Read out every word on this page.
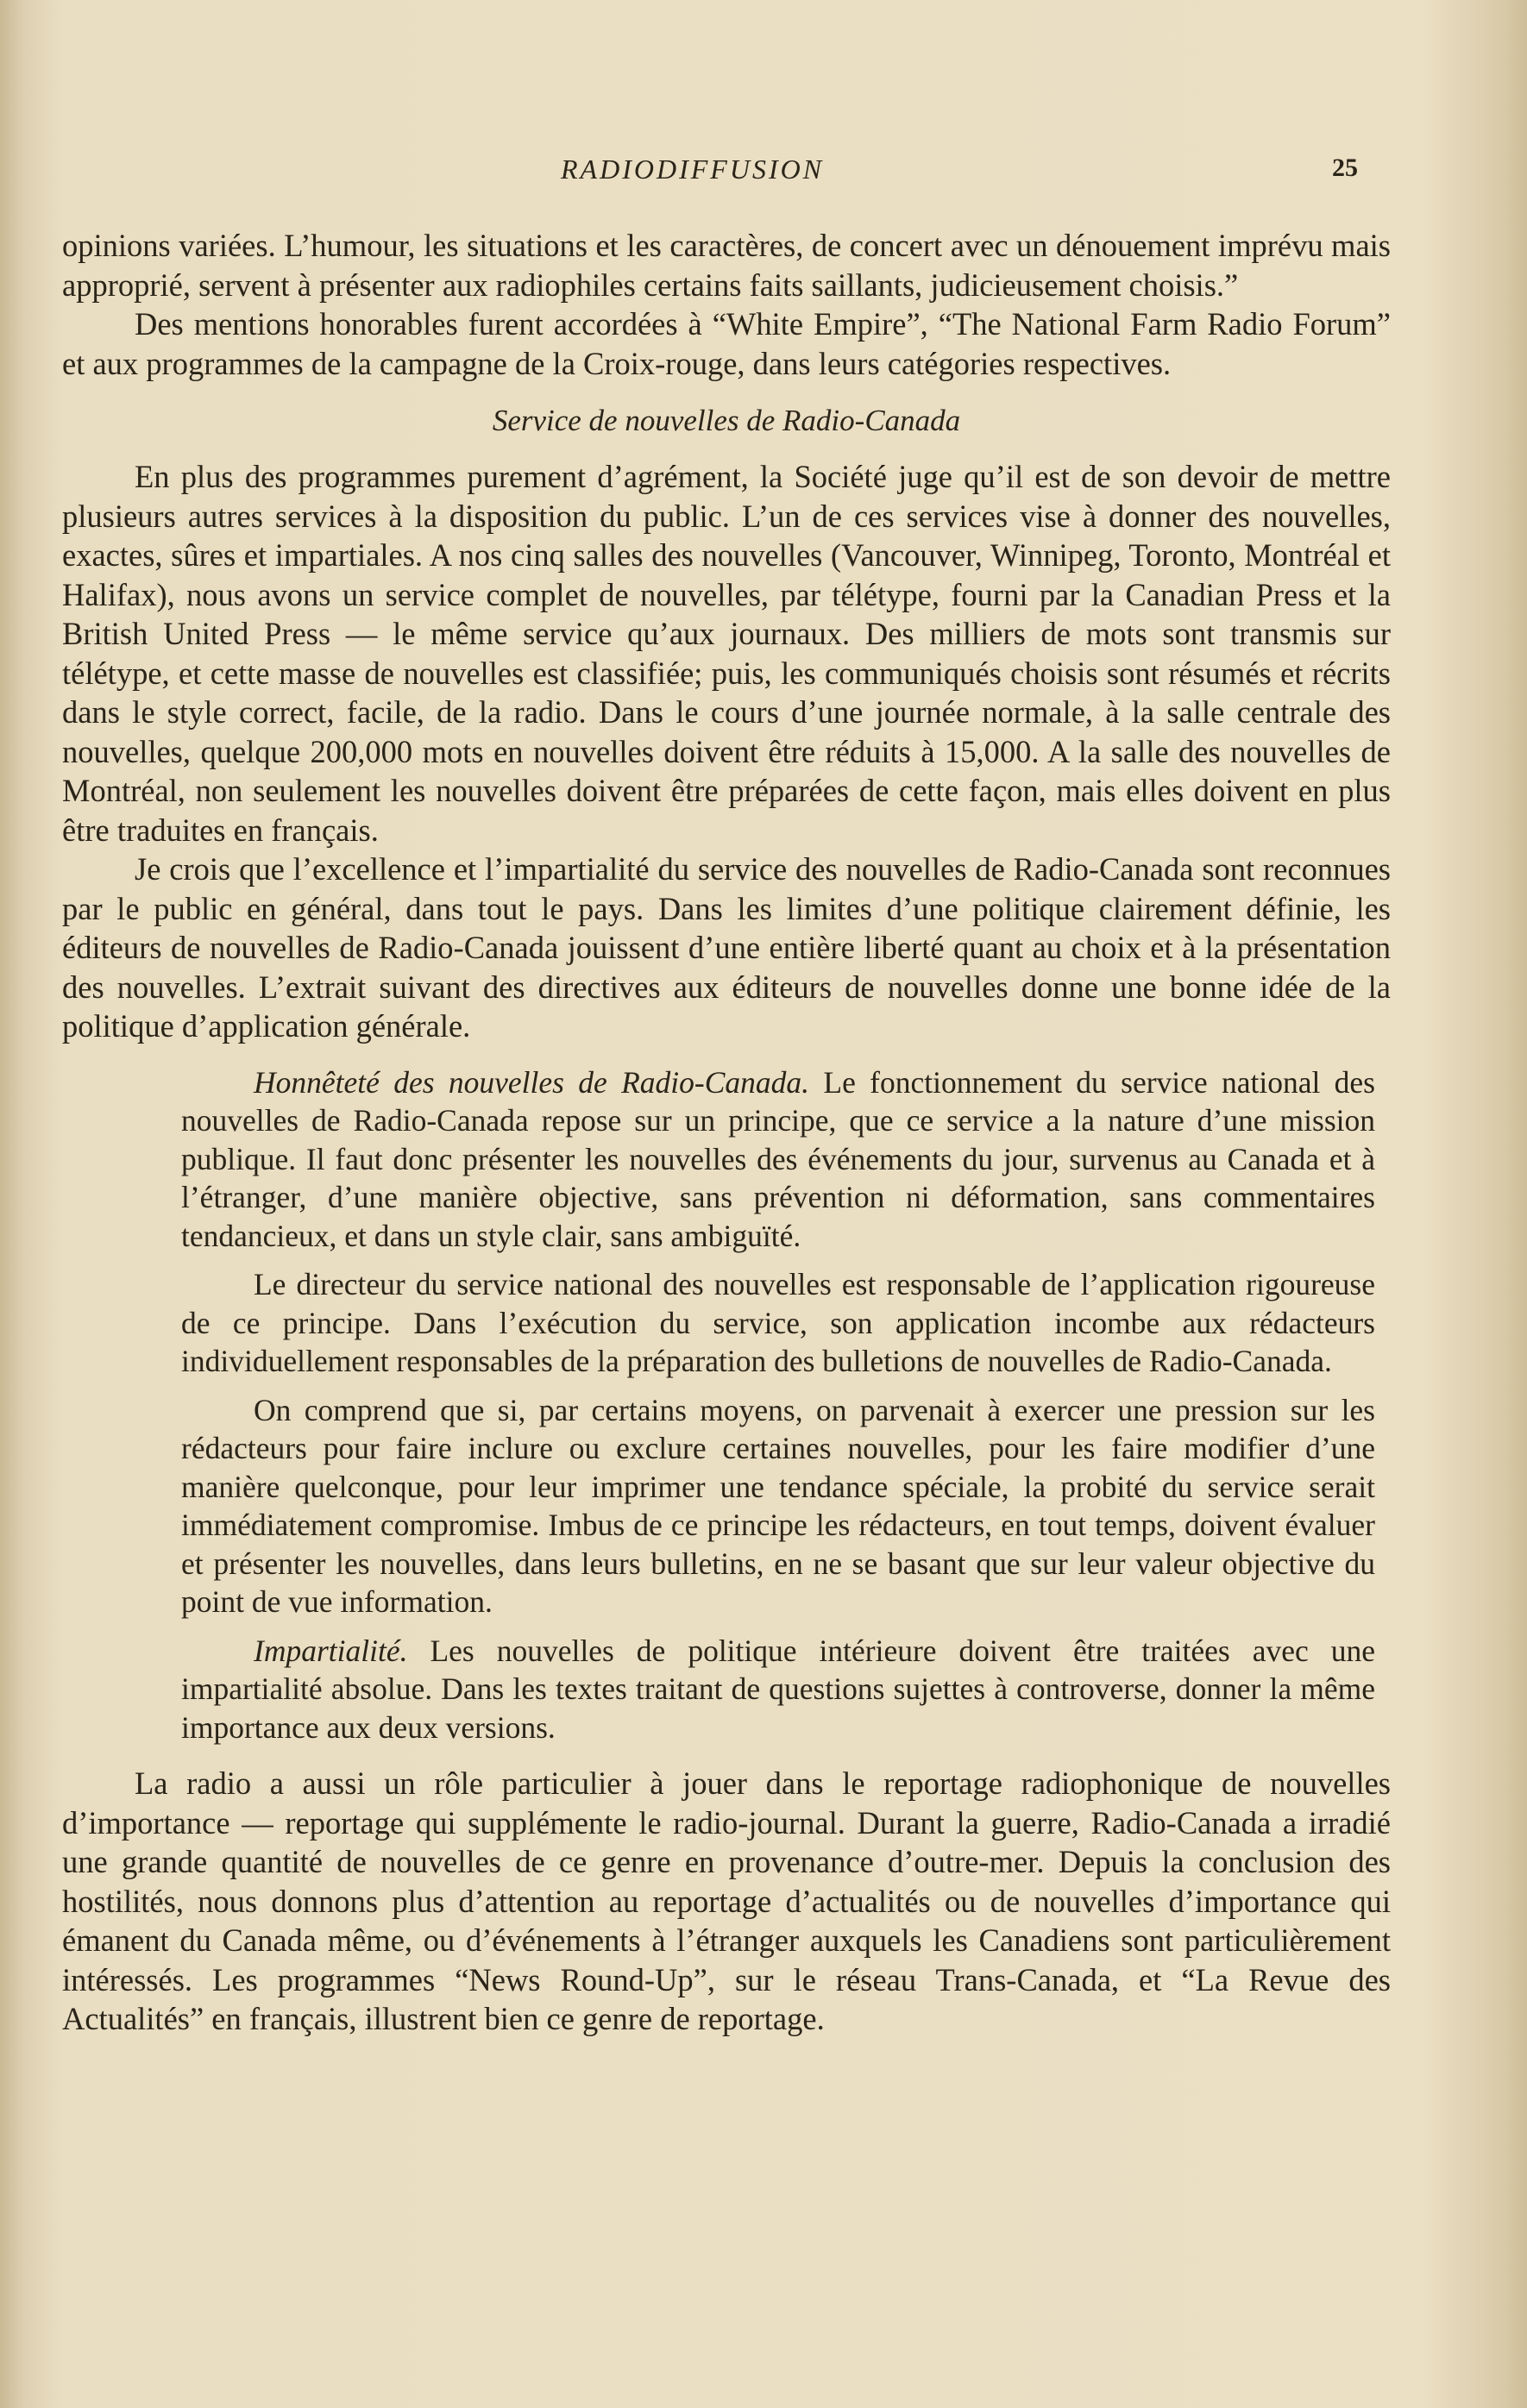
RADIODIFFUSION	25

opinions variées. L’humour, les situations et les caractères, de concert avec un dénouement imprévu mais approprié, servent à présenter aux radiophiles certains faits saillants, judicieusement choisis.”

Des mentions honorables furent accordées à “White Empire”, “The National Farm Radio Forum” et aux programmes de la campagne de la Croix-rouge, dans leurs catégories respectives.

Service de nouvelles de Radio-Canada

En plus des programmes purement d’agrément, la Société juge qu’il est de son devoir de mettre plusieurs autres services à la disposition du public. L’un de ces services vise à donner des nouvelles, exactes, sûres et impartiales. A nos cinq salles des nouvelles (Vancouver, Winnipeg, Toronto, Montréal et Halifax), nous avons un service complet de nouvelles, par télétype, fourni par la Canadian Press et la British United Press — le même service qu’aux journaux. Des milliers de mots sont transmis sur télétype, et cette masse de nouvelles est classifiée; puis, les communiqués choisis sont résumés et récrits dans le style correct, facile, de la radio. Dans le cours d’une journée normale, à la salle centrale des nouvelles, quelque 200,000 mots en nouvelles doivent être réduits à 15,000. A la salle des nouvelles de Montréal, non seulement les nouvelles doivent être préparées de cette façon, mais elles doivent en plus être traduites en français.

Je crois que l’excellence et l’impartialité du service des nouvelles de Radio-Canada sont reconnues par le public en général, dans tout le pays. Dans les limites d’une politique clairement définie, les éditeurs de nouvelles de Radio-Canada jouissent d’une entière liberté quant au choix et à la présentation des nouvelles. L’extrait suivant des directives aux éditeurs de nouvelles donne une bonne idée de la politique d’application générale.

Honnêteté des nouvelles de Radio-Canada. Le fonctionnement du service national des nouvelles de Radio-Canada repose sur un principe, que ce service a la nature d’une mission publique. Il faut donc présenter les nouvelles des événements du jour, survenus au Canada et à l’étranger, d’une manière objective, sans prévention ni déformation, sans commentaires tendancieux, et dans un style clair, sans ambiguïté.

Le directeur du service national des nouvelles est responsable de l’application rigoureuse de ce principe. Dans l’exécution du service, son application incombe aux rédacteurs individuellement responsables de la préparation des bulletions de nouvelles de Radio-Canada.

On comprend que si, par certains moyens, on parvenait à exercer une pression sur les rédacteurs pour faire inclure ou exclure certaines nouvelles, pour les faire modifier d’une manière quelconque, pour leur imprimer une tendance spéciale, la probité du service serait immédiatement compromise. Imbus de ce principe les rédacteurs, en tout temps, doivent évaluer et présenter les nouvelles, dans leurs bulletins, en ne se basant que sur leur valeur objective du point de vue information.

Impartialité. Les nouvelles de politique intérieure doivent être traitées avec une impartialité absolue. Dans les textes traitant de questions sujettes à controverse, donner la même importance aux deux versions.

La radio a aussi un rôle particulier à jouer dans le reportage radiophonique de nouvelles d’importance — reportage qui supplémente le radio-journal. Durant la guerre, Radio-Canada a irradié une grande quantité de nouvelles de ce genre en provenance d’outre-mer. Depuis la conclusion des hostilités, nous donnons plus d’attention au reportage d’actualités ou de nouvelles d’importance qui émanent du Canada même, ou d’événements à l’étranger auxquels les Canadiens sont particulièrement intéressés. Les programmes “News Round-Up”, sur le réseau Trans-Canada, et “La Revue des Actualités” en français, illustrent bien ce genre de reportage.
